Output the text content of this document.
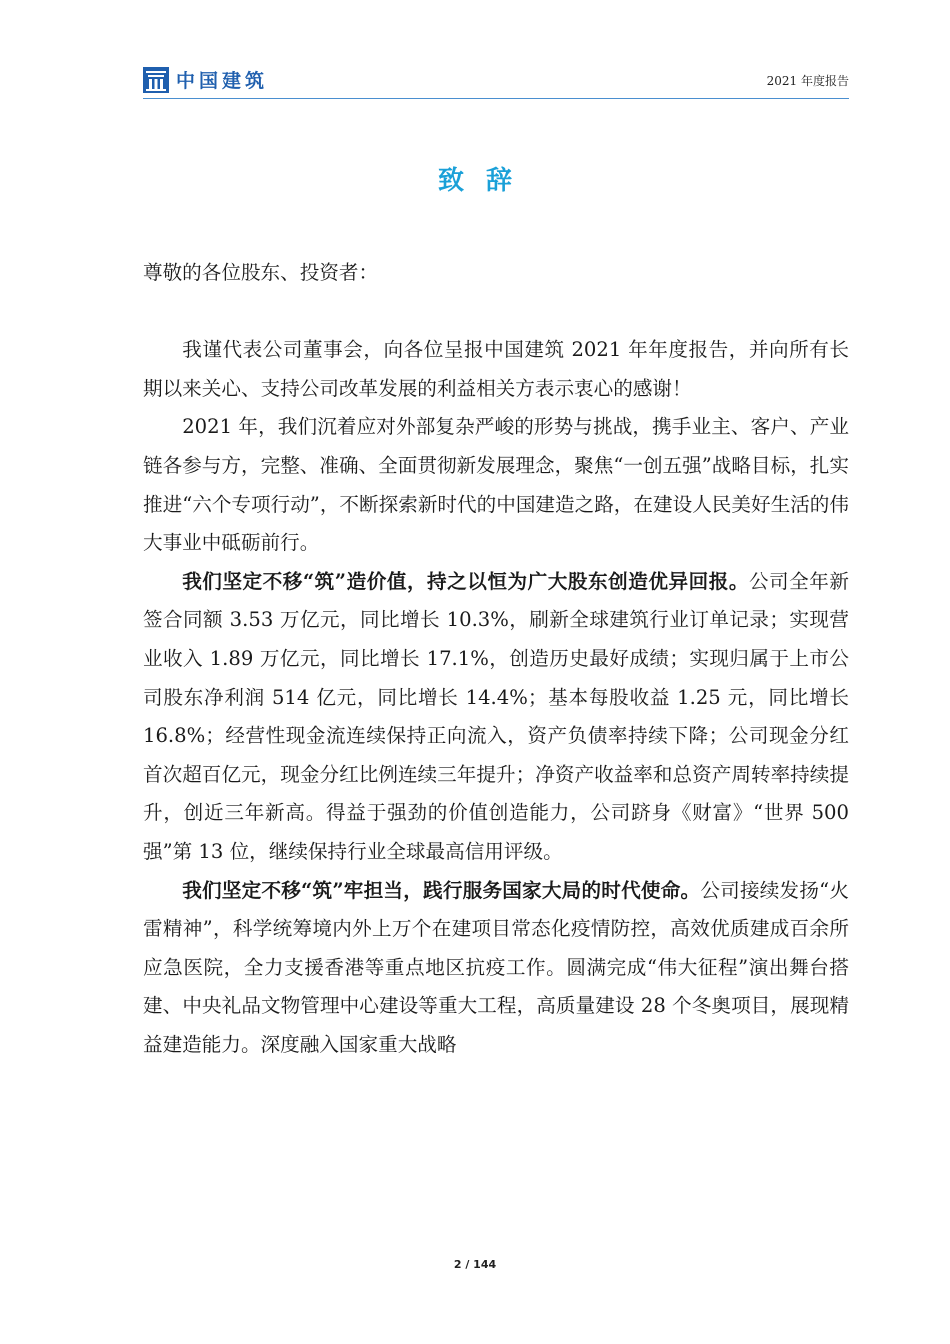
中国建筑	2021 年度报告
致辞

尊敬的各位股东、投资者：

我谨代表公司董事会，向各位呈报中国建筑 2021 年年度报告，并向所有长期以来关心、支持公司改革发展的利益相关方表示衷心的感谢！

2021 年，我们沉着应对外部复杂严峻的形势与挑战，携手业主、客户、产业链各参与方，完整、准确、全面贯彻新发展理念，聚焦“一创五强”战略目标，扎实推进“六个专项行动”，不断探索新时代的中国建造之路，在建设人民美好生活的伟大事业中砥砺前行。

我们坚定不移“筑”造价值，持之以恒为广大股东创造优异回报。公司全年新签合同额 3.53 万亿元，同比增长 10.3%，刷新全球建筑行业订单记录；实现营业收入 1.89 万亿元，同比增长 17.1%，创造历史最好成绩；实现归属于上市公司股东净利润 514 亿元，同比增长 14.4%；基本每股收益 1.25 元，同比增长 16.8%；经营性现金流连续保持正向流入，资产负债率持续下降；公司现金分红首次超百亿元，现金分红比例连续三年提升；净资产收益率和总资产周转率持续提升，创近三年新高。得益于强劲的价值创造能力，公司跻身《财富》“世界 500 强”第 13 位，继续保持行业全球最高信用评级。

我们坚定不移“筑”牢担当，践行服务国家大局的时代使命。公司接续发扬“火雷精神”，科学统筹境内外上万个在建项目常态化疫情防控，高效优质建成百余所应急医院，全力支援香港等重点地区抗疫工作。圆满完成“伟大征程”演出舞台搭建、中央礼品文物管理中心建设等重大工程，高质量建设 28 个冬奥项目，展现精益建造能力。深度融入国家重大战略

2 / 144
